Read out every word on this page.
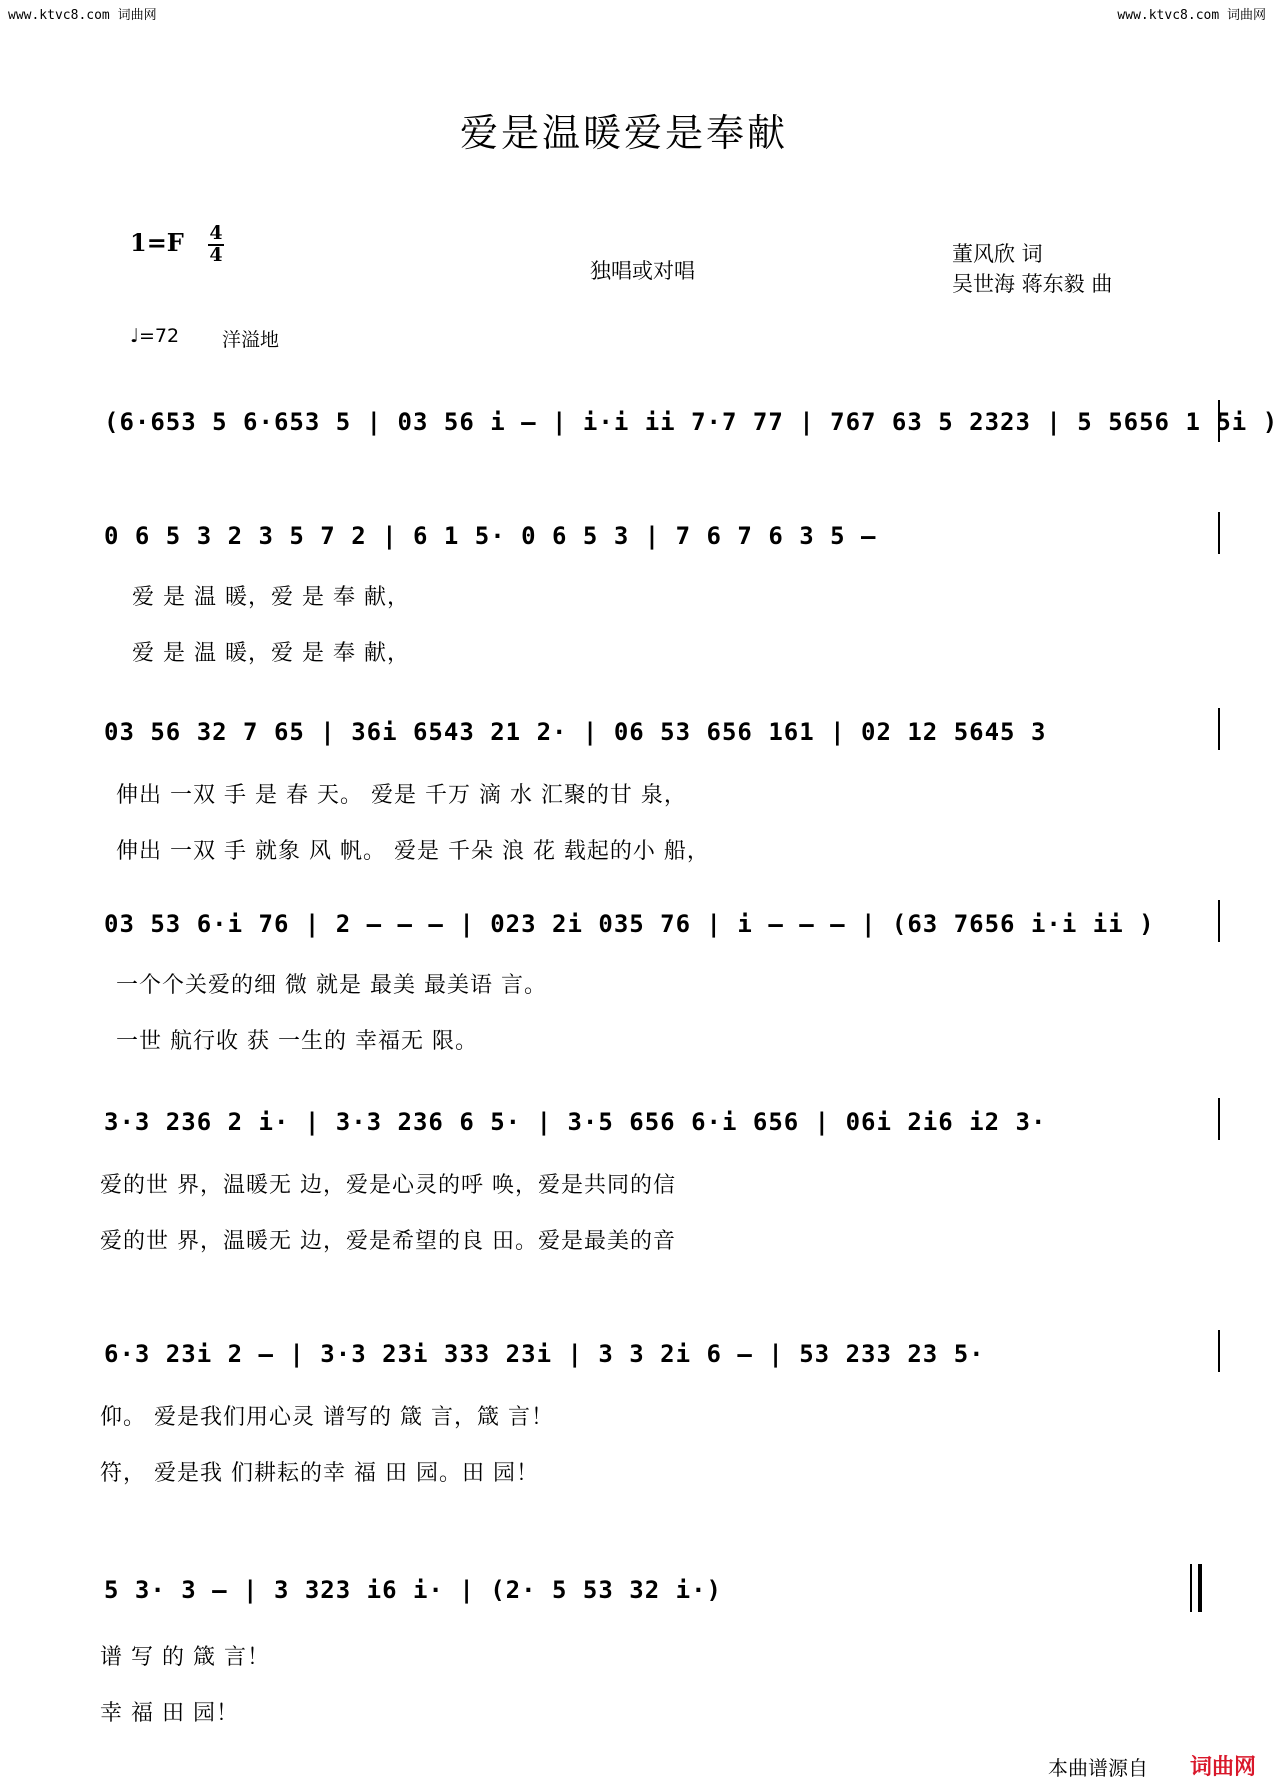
www.ktvc8.com 词曲网	www.ktvc8.com 词曲网
爱是温暖爱是奉献
1=F 4
4
独唱或对唱
董风欣 词
吴世海 蒋东毅 曲
♩=72 洋溢地
(6·653 5 6·653 5 | 03 56 i – | i·i ii 7·7 77 | 767 63 5 2323 | 5 5656 1 5i )
0 6 5 3 2 3 5 7 2 | 6 1 5· 0 6 5 3 | 7 6 7 6 3 5 –
爱 是 温 暖，爱 是 奉 献，
爱 是 温 暖，爱 是 奉 献，
03 56 32 7 65 | 36i 6543 21 2· | 06 53 656 161 | 02 12 5645 3
伸出 一双 手 是 春 天。 爱是 千万 滴 水 汇聚的甘 泉，
伸出 一双 手 就象 风 帆。 爱是 千朵 浪 花 载起的小 船，
03 53 6·i 76 | 2 – – – | 023 2i 035 76 | i – – – | (63 7656 i·i ii )
一个个关爱的细 微 就是 最美 最美语 言。
一世 航行收 获 一生的 幸福无 限。
3·3 236 2 i· | 3·3 236 6 5· | 3·5 656 6·i 656 | 06i 2i6 i2 3·
爱的世 界，温暖无 边，爱是心灵的呼 唤，爱是共同的信
爱的世 界，温暖无 边，爱是希望的良 田。爱是最美的音
6·3 23i 2 – | 3·3 23i 333 23i | 3 3 2i 6 – | 53 233 23 5·
仰。 爱是我们用心灵 谱写的 箴 言，箴 言！
符， 爱是我 们耕耘的幸 福 田 园。田 园！
5 3· 3 – | 3 323 i6 i· | (2· 5 53 32 i·)
谱 写 的 箴 言！
幸 福 田 园！
本曲谱源自 词曲网
